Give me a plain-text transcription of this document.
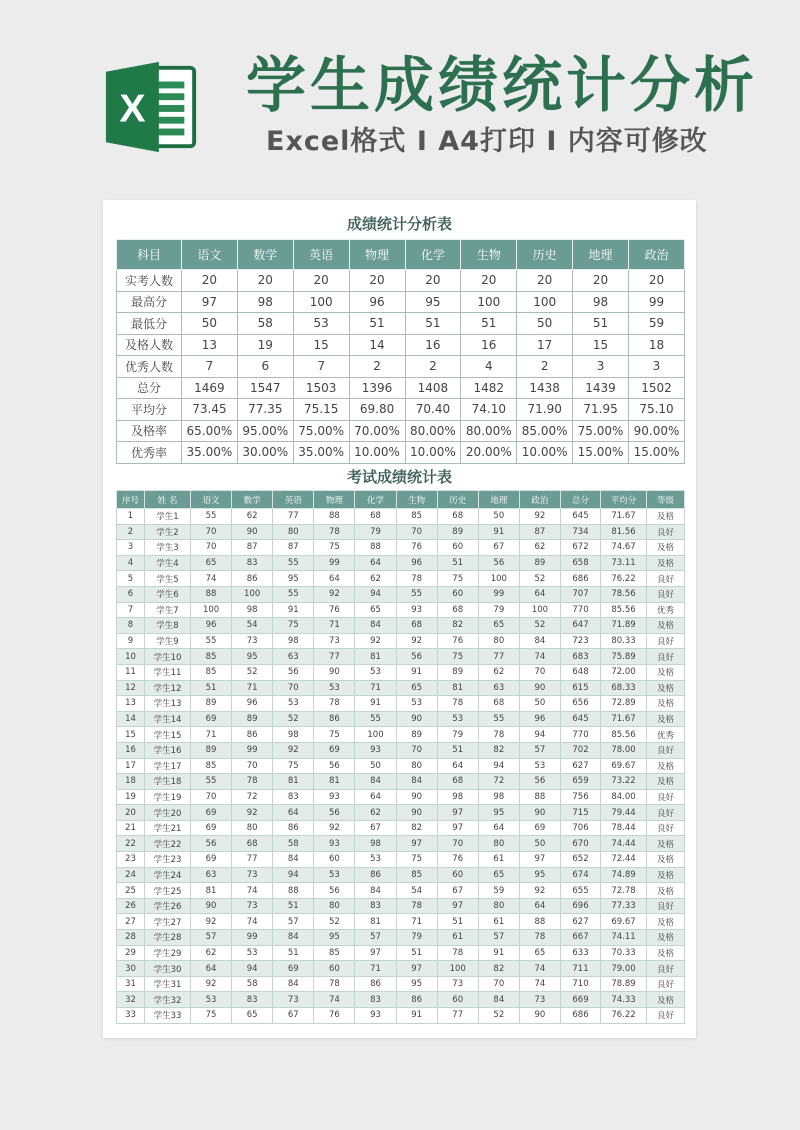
X 学生成绩统计分析
Excel格式 I A4打印 I 内容可修改
成绩统计分析表
科目	语文	数学	英语	物理	化学	生物	历史	地理	政治
实考人数	20	20	20	20	20	20	20	20	20
最高分	97	98	100	96	95	100	100	98	99
最低分	50	58	53	51	51	51	50	51	59
及格人数	13	19	15	14	16	16	17	15	18
优秀人数	7	6	7	2	2	4	2	3	3
总分	1469	1547	1503	1396	1408	1482	1438	1439	1502
平均分	73.45	77.35	75.15	69.80	70.40	74.10	71.90	71.95	75.10
及格率	65.00%	95.00%	75.00%	70.00%	80.00%	80.00%	85.00%	75.00%	90.00%
优秀率	35.00%	30.00%	35.00%	10.00%	10.00%	20.00%	10.00%	15.00%	15.00%
考试成绩统计表
序号	姓 名	语文	数学	英语	物理	化学	生物	历史	地理	政治	总分	平均分	等级
1	学生1	55	62	77	88	68	85	68	50	92	645	71.67	及格
2	学生2	70	90	80	78	79	70	89	91	87	734	81.56	良好
3	学生3	70	87	87	75	88	76	60	67	62	672	74.67	及格
4	学生4	65	83	55	99	64	96	51	56	89	658	73.11	及格
5	学生5	74	86	95	64	62	78	75	100	52	686	76.22	良好
6	学生6	88	100	55	92	94	55	60	99	64	707	78.56	良好
7	学生7	100	98	91	76	65	93	68	79	100	770	85.56	优秀
8	学生8	96	54	75	71	84	68	82	65	52	647	71.89	及格
9	学生9	55	73	98	73	92	92	76	80	84	723	80.33	良好
10	学生10	85	95	63	77	81	56	75	77	74	683	75.89	良好
11	学生11	85	52	56	90	53	91	89	62	70	648	72.00	及格
12	学生12	51	71	70	53	71	65	81	63	90	615	68.33	及格
13	学生13	89	96	53	78	91	53	78	68	50	656	72.89	及格
14	学生14	69	89	52	86	55	90	53	55	96	645	71.67	及格
15	学生15	71	86	98	75	100	89	79	78	94	770	85.56	优秀
16	学生16	89	99	92	69	93	70	51	82	57	702	78.00	良好
17	学生17	85	70	75	56	50	80	64	94	53	627	69.67	及格
18	学生18	55	78	81	81	84	84	68	72	56	659	73.22	及格
19	学生19	70	72	83	93	64	90	98	98	88	756	84.00	良好
20	学生20	69	92	64	56	62	90	97	95	90	715	79.44	良好
21	学生21	69	80	86	92	67	82	97	64	69	706	78.44	良好
22	学生22	56	68	58	93	98	97	70	80	50	670	74.44	及格
23	学生23	69	77	84	60	53	75	76	61	97	652	72.44	及格
24	学生24	63	73	94	53	86	85	60	65	95	674	74.89	及格
25	学生25	81	74	88	56	84	54	67	59	92	655	72.78	及格
26	学生26	90	73	51	80	83	78	97	80	64	696	77.33	良好
27	学生27	92	74	57	52	81	71	51	61	88	627	69.67	及格
28	学生28	57	99	84	95	57	79	61	57	78	667	74.11	及格
29	学生29	62	53	51	85	97	51	78	91	65	633	70.33	及格
30	学生30	64	94	69	60	71	97	100	82	74	711	79.00	良好
31	学生31	92	58	84	78	86	95	73	70	74	710	78.89	良好
32	学生32	53	83	73	74	83	86	60	84	73	669	74.33	及格
33	学生33	75	65	67	76	93	91	77	52	90	686	76.22	良好
